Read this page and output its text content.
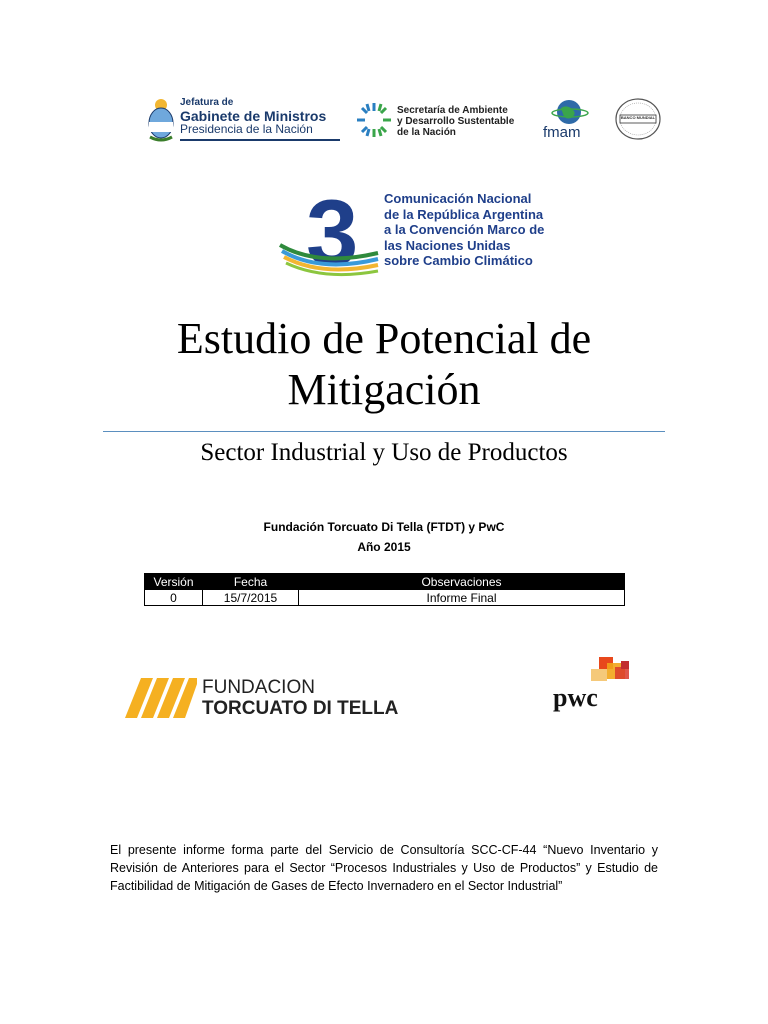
Jefatura de
Gabinete de Ministros
Presidencia de la Nación
Secretaría de Ambiente
y Desarrollo Sustentable
de la Nación	fmam
BANCO MUNDIAL
3 Comunicación Nacional
de la República Argentina
a la Convención Marco de
las Naciones Unidas
sobre Cambio Climático
Estudio de Potencial de
Mitigación
Sector Industrial y Uso de Productos
Fundación Torcuato Di Tella (FTDT) y PwC
Año 2015
Versión	Fecha	Observaciones
0	15/7/2015	Informe Final
FUNDACION
TORCUATO DI TELLA	pwc
El presente informe forma parte del Servicio de Consultoría SCC-CF-44 “Nuevo Inventario y Revisión de Anteriores para el Sector “Procesos Industriales y Uso de Productos” y Estudio de Factibilidad de Mitigación de Gases de Efecto Invernadero en el Sector Industrial”
